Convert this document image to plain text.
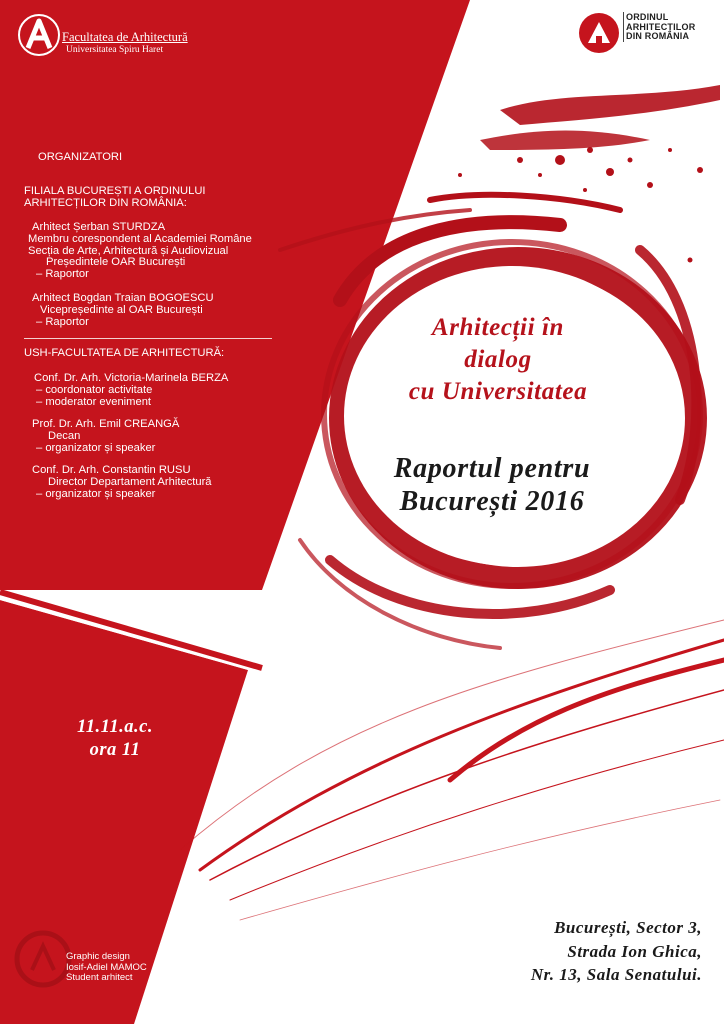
Facultatea de Arhitectură
Universitatea Spiru Haret
ORDINUL
ARHITECȚILOR
DIN ROMÂNIA
ORGANIZATORI
FILIALA BUCUREȘTI A ORDINULUI
ARHITECȚILOR DIN ROMÂNIA:
Arhitect Șerban STURDZA
Membru corespondent al Academiei Române
Secția de Arte, Arhitectură și Audiovizual
Președintele OAR București
– Raportor
Arhitect Bogdan Traian BOGOESCU
Vicepreședinte al OAR București
– Raportor
USH-FACULTATEA DE ARHITECTURĂ:
Conf. Dr. Arh. Victoria-Marinela BERZA
– coordonator activitate
– moderator eveniment
Prof. Dr. Arh. Emil CREANGĂ
Decan
– organizator și speaker
Conf. Dr. Arh. Constantin RUSU
Director Departament Arhitectură
– organizator și speaker
Arhitecții în
dialog
cu Universitatea
Raportul pentru
București 2016
11.11.a.c.
ora 11
București, Sector 3,
Strada Ion Ghica,
Nr. 13, Sala Senatului.
Graphic design
Iosif-Adiel MAMOC
Student arhitect
